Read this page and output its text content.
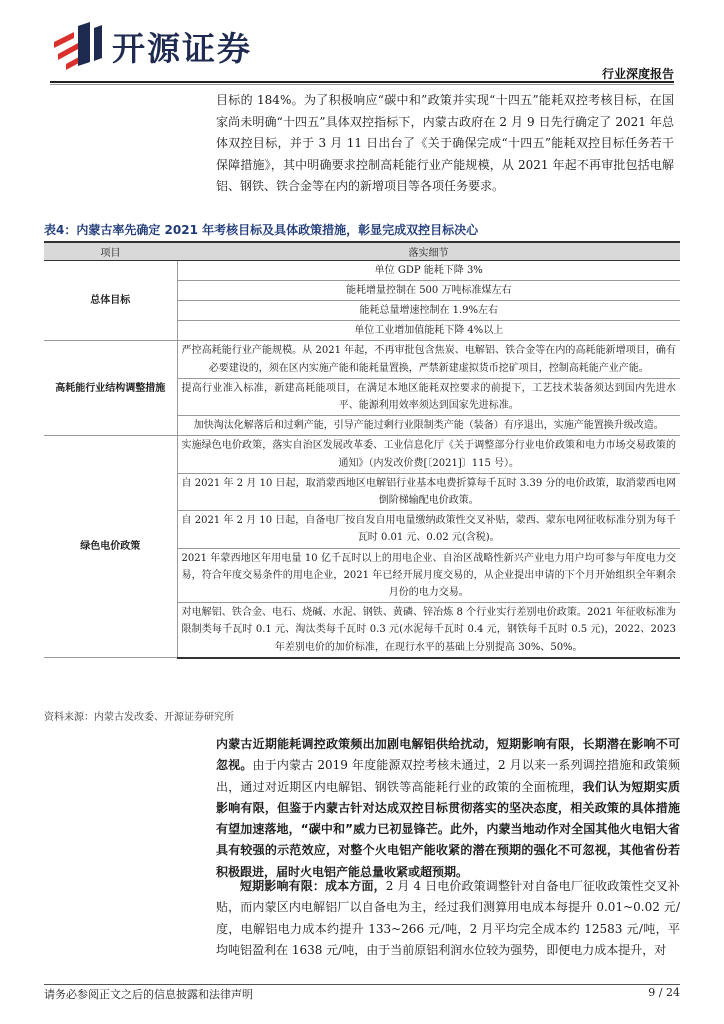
开源证券
行业深度报告

目标的 184%。为了积极响应“碳中和”政策并实现“十四五”能耗双控考核目标，在国家尚未明确“十四五”具体双控指标下，内蒙古政府在 2 月 9 日先行确定了 2021 年总体双控目标，并于 3 月 11 日出台了《关于确保完成“十四五”能耗双控目标任务若干保障措施》，其中明确要求控制高耗能行业产能规模，从 2021 年起不再审批包括电解铝、钢铁、铁合金等在内的新增项目等各项任务要求。

表4：内蒙古率先确定 2021 年考核目标及具体政策措施，彰显完成双控目标决心
项目	落实细节
总体目标	单位 GDP 能耗下降 3%
	能耗增量控制在 500 万吨标准煤左右
	能耗总量增速控制在 1.9%左右
	单位工业增加值能耗下降 4%以上
高耗能行业结构调整措施	严控高耗能行业产能规模。从 2021 年起，不再审批包含焦炭、电解铝、铁合金等在内的高耗能新增项目，确有必要建设的，须在区内实施产能和能耗量置换，严禁新建虚拟货币挖矿项目，控制高耗能产业产能。
	提高行业准入标准，新建高耗能项目，在满足本地区能耗双控要求的前提下，工艺技术装备须达到国内先进水平、能源利用效率须达到国家先进标准。
	加快淘汰化解落后和过剩产能，引导产能过剩行业限制类产能（装备）有序退出，实施产能置换升级改造。
绿色电价政策	实施绿色电价政策，落实自治区发展改革委、工业信息化厅《关于调整部分行业电价政策和电力市场交易政策的通知》（内发改价费[〔2021]〕115 号）。
	自 2021 年 2 月 10 日起，取消蒙西地区电解铝行业基本电费折算每千瓦时 3.39 分的电价政策，取消蒙西电网倒阶梯输配电价政策。
	自 2021 年 2 月 10 日起，自备电厂按自发自用电量缴纳政策性交叉补贴，蒙西、蒙东电网征收标准分别为每千瓦时 0.01 元、0.02 元(含税)。
	2021 年蒙西地区年用电量 10 亿千瓦时以上的用电企业、自治区战略性新兴产业电力用户均可参与年度电力交易，符合年度交易条件的用电企业，2021 年已经开展月度交易的，从企业提出申请的下个月开始组织全年剩余月份的电力交易。
	对电解铝、铁合金、电石、烧碱、水泥、钢铁、黄磷、锌冶炼 8 个行业实行差别电价政策。2021 年征收标准为限制类每千瓦时 0.1 元、淘汰类每千瓦时 0.3 元(水泥每千瓦时 0.4 元，钢铁每千瓦时 0.5 元)，2022、2023 年差别电价的加价标准，在现行水平的基础上分别提高 30%、50%。
资料来源：内蒙古发改委、开源证券研究所

内蒙古近期能耗调控政策频出加剧电解铝供给扰动，短期影响有限，长期潜在影响不可忽视。由于内蒙古 2019 年度能源双控考核未通过，2 月以来一系列调控措施和政策频出，通过对近期区内电解铝、钢铁等高能耗行业的政策的全面梳理，我们认为短期实质影响有限，但鉴于内蒙古针对达成双控目标贯彻落实的坚决态度，相关政策的具体措施有望加速落地，“碳中和”威力已初显锋芒。此外，内蒙当地动作对全国其他火电铝大省具有较强的示范效应，对整个火电铝产能收紧的潜在预期的强化不可忽视，其他省份若积极跟进，届时火电铝产能总量收紧或超预期。

短期影响有限：成本方面，2 月 4 日电价政策调整针对自备电厂征收政策性交叉补贴，而内蒙区内电解铝厂以自备电为主，经过我们测算用电成本每提升 0.01~0.02 元/度，电解铝电力成本约提升 133~266 元/吨，2 月平均完全成本约 12583 元/吨，平均吨铝盈利在 1638 元/吨，由于当前原铝利润水位较为强势，即便电力成本提升，对

请务必参阅正文之后的信息披露和法律声明	9 / 24
